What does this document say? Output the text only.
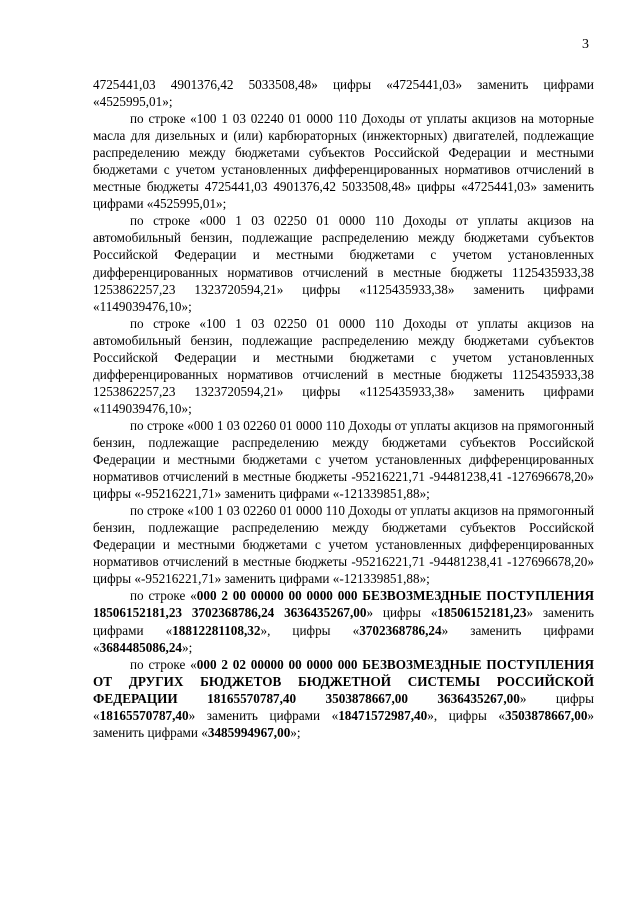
3

4725441,03 4901376,42 5033508,48» цифры «4725441,03» заменить цифрами «4525995,01»;

по строке «100 1 03 02240 01 0000 110 Доходы от уплаты акцизов на моторные масла для дизельных и (или) карбюраторных (инжекторных) двигателей, подлежащие распределению между бюджетами субъектов Российской Федерации и местными бюджетами с учетом установленных дифференцированных нормативов отчислений в местные бюджеты 4725441,03 4901376,42 5033508,48» цифры «4725441,03» заменить цифрами «4525995,01»;

по строке «000 1 03 02250 01 0000 110 Доходы от уплаты акцизов на автомобильный бензин, подлежащие распределению между бюджетами субъектов Российской Федерации и местными бюджетами с учетом установленных дифференцированных нормативов отчислений в местные бюджеты 1125435933,38 1253862257,23 1323720594,21» цифры «1125435933,38» заменить цифрами «1149039476,10»;

по строке «100 1 03 02250 01 0000 110 Доходы от уплаты акцизов на автомобильный бензин, подлежащие распределению между бюджетами субъектов Российской Федерации и местными бюджетами с учетом установленных дифференцированных нормативов отчислений в местные бюджеты 1125435933,38 1253862257,23 1323720594,21» цифры «1125435933,38» заменить цифрами «1149039476,10»;

по строке «000 1 03 02260 01 0000 110 Доходы от уплаты акцизов на прямогонный бензин, подлежащие распределению между бюджетами субъектов Российской Федерации и местными бюджетами с учетом установленных дифференцированных нормативов отчислений в местные бюджеты -95216221,71 -94481238,41 -127696678,20» цифры «-95216221,71» заменить цифрами «-121339851,88»;

по строке «100 1 03 02260 01 0000 110 Доходы от уплаты акцизов на прямогонный бензин, подлежащие распределению между бюджетами субъектов Российской Федерации и местными бюджетами с учетом установленных дифференцированных нормативов отчислений в местные бюджеты -95216221,71 -94481238,41 -127696678,20» цифры «-95216221,71» заменить цифрами «-121339851,88»;

по строке «000 2 00 00000 00 0000 000 БЕЗВОЗМЕЗДНЫЕ ПОСТУПЛЕНИЯ 18506152181,23 3702368786,24 3636435267,00» цифры «18506152181,23» заменить цифрами «18812281108,32», цифры «3702368786,24» заменить цифрами «3684485086,24»;

по строке «000 2 02 00000 00 0000 000 БЕЗВОЗМЕЗДНЫЕ ПОСТУПЛЕНИЯ ОТ ДРУГИХ БЮДЖЕТОВ БЮДЖЕТНОЙ СИСТЕМЫ РОССИЙСКОЙ ФЕДЕРАЦИИ 18165570787,40 3503878667,00 3636435267,00» цифры «18165570787,40» заменить цифрами «18471572987,40», цифры «3503878667,00» заменить цифрами «3485994967,00»;
